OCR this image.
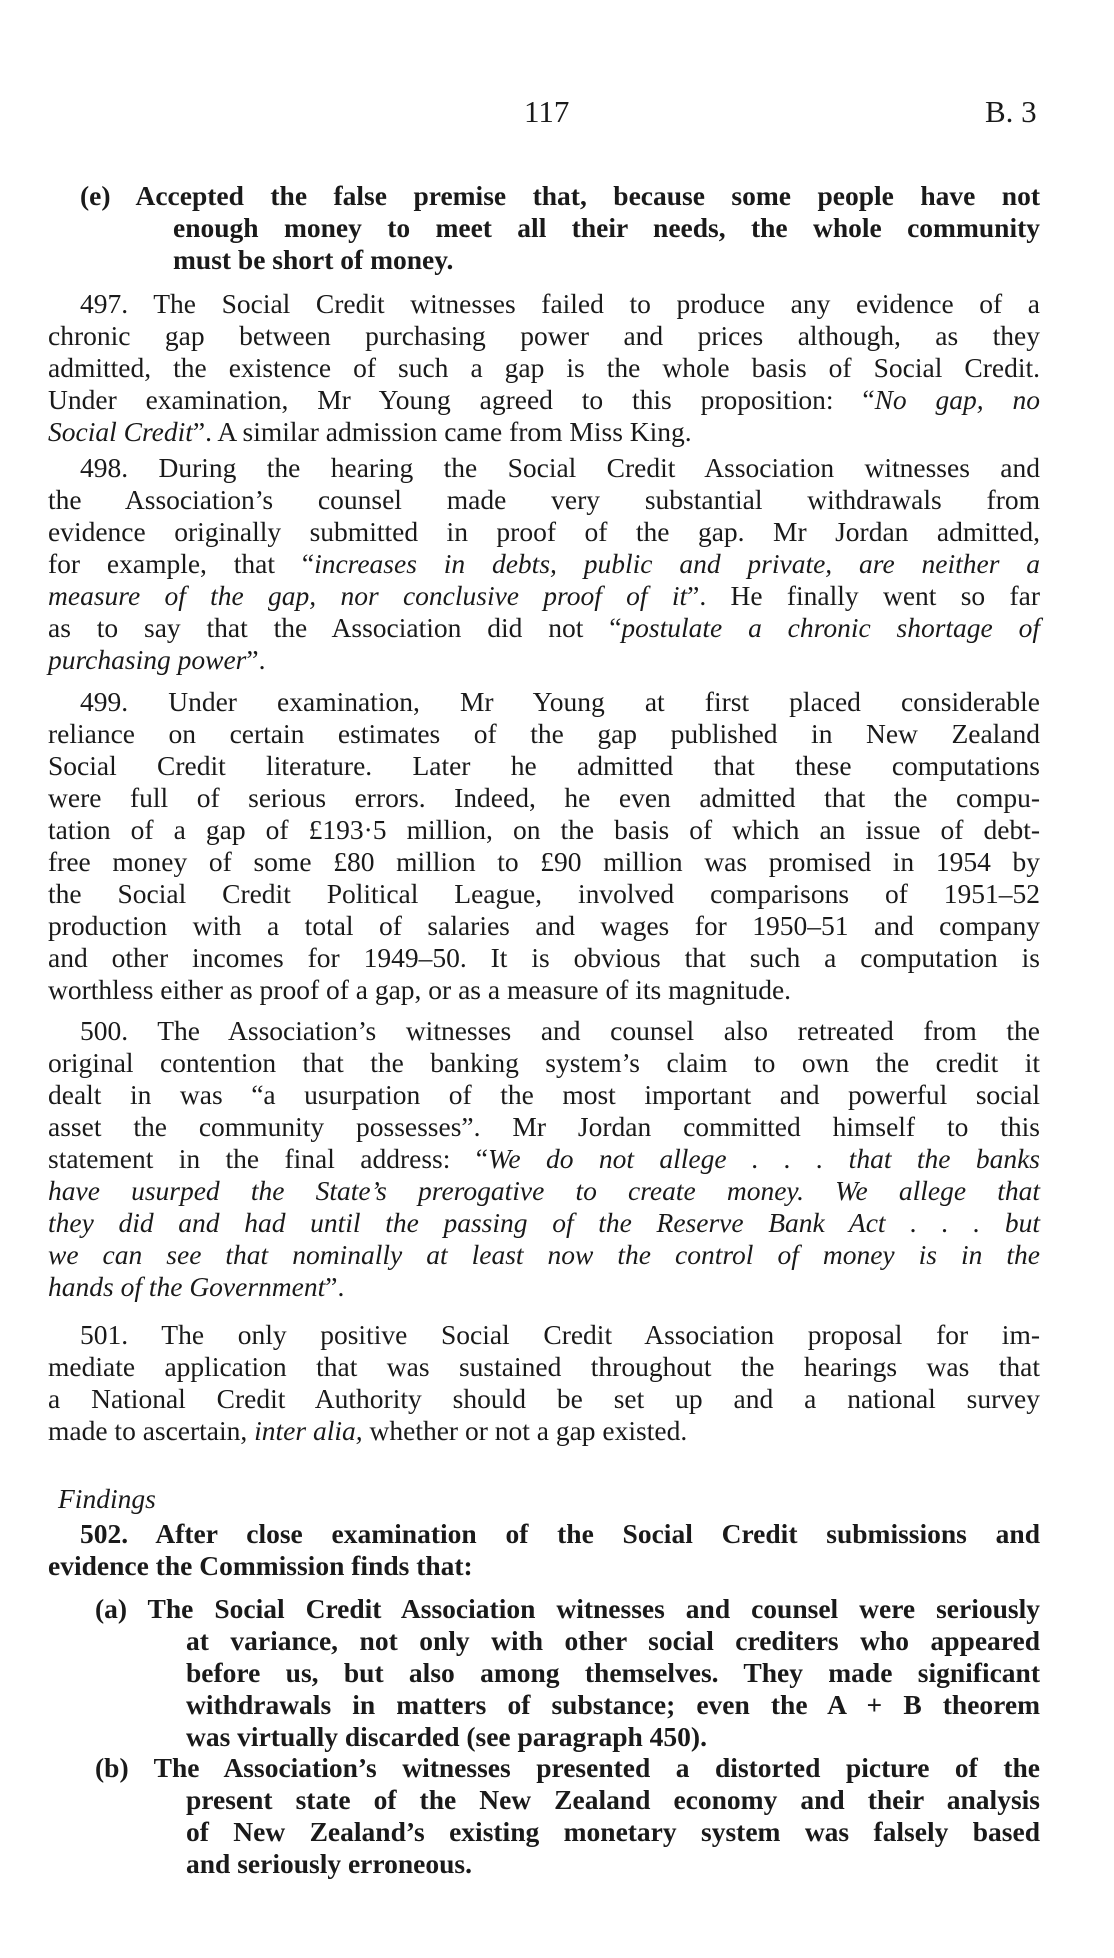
117	B. 3
(e) Accepted the false premise that, because some people have not
enough money to meet all their needs, the whole community
must be short of money.
497. The Social Credit witnesses failed to produce any evidence of a
chronic gap between purchasing power and prices although, as they
admitted, the existence of such a gap is the whole basis of Social Credit.
Under examination, Mr Young agreed to this proposition: “No gap, no
Social Credit”. A similar admission came from Miss King.
498. During the hearing the Social Credit Association witnesses and
the Association’s counsel made very substantial withdrawals from
evidence originally submitted in proof of the gap. Mr Jordan admitted,
for example, that “increases in debts, public and private, are neither a
measure of the gap, nor conclusive proof of it”. He finally went so far
as to say that the Association did not “postulate a chronic shortage of
purchasing power”.
499. Under examination, Mr Young at first placed considerable
reliance on certain estimates of the gap published in New Zealand
Social Credit literature. Later he admitted that these computations
were full of serious errors. Indeed, he even admitted that the compu-
tation of a gap of £193·5 million, on the basis of which an issue of debt-
free money of some £80 million to £90 million was promised in 1954 by
the Social Credit Political League, involved comparisons of 1951–52
production with a total of salaries and wages for 1950–51 and company
and other incomes for 1949–50. It is obvious that such a computation is
worthless either as proof of a gap, or as a measure of its magnitude.
500. The Association’s witnesses and counsel also retreated from the
original contention that the banking system’s claim to own the credit it
dealt in was “a usurpation of the most important and powerful social
asset the community possesses”. Mr Jordan committed himself to this
statement in the final address: “We do not allege . . . that the banks
have usurped the State’s prerogative to create money. We allege that
they did and had until the passing of the Reserve Bank Act . . . but
we can see that nominally at least now the control of money is in the
hands of the Government”.
501. The only positive Social Credit Association proposal for im-
mediate application that was sustained throughout the hearings was that
a National Credit Authority should be set up and a national survey
made to ascertain, inter alia, whether or not a gap existed.
Findings
502. After close examination of the Social Credit submissions and
evidence the Commission finds that:
(a) The Social Credit Association witnesses and counsel were seriously
at variance, not only with other social crediters who appeared
before us, but also among themselves. They made significant
withdrawals in matters of substance; even the A + B theorem
was virtually discarded (see paragraph 450).
(b) The Association’s witnesses presented a distorted picture of the
present state of the New Zealand economy and their analysis
of New Zealand’s existing monetary system was falsely based
and seriously erroneous.
